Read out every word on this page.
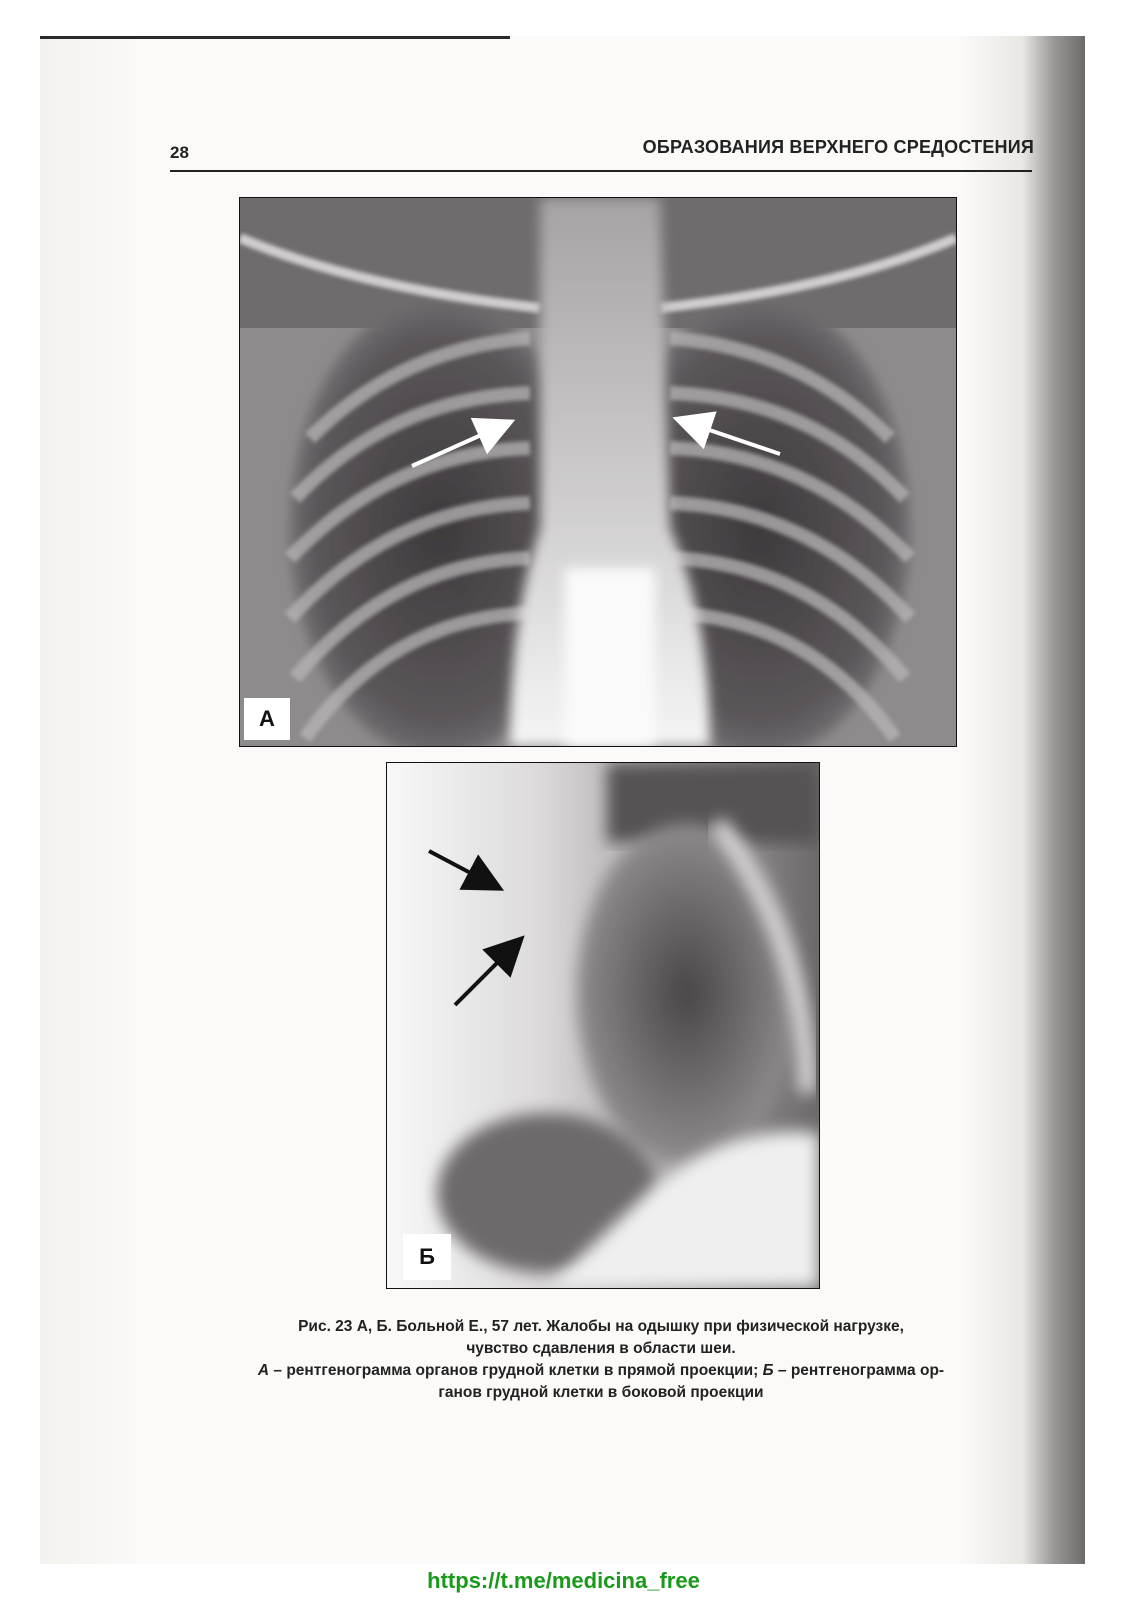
28	ОБРАЗОВАНИЯ ВЕРХНЕГО СРЕДОСТЕНИЯ
А
Б
Рис. 23 А, Б. Больной Е., 57 лет. Жалобы на одышку при физической нагрузке,
чувство сдавления в области шеи.
А – рентгенограмма органов грудной клетки в прямой проекции; Б – рентгенограмма ор-
ганов грудной клетки в боковой проекции
https://t.me/medicina_free
